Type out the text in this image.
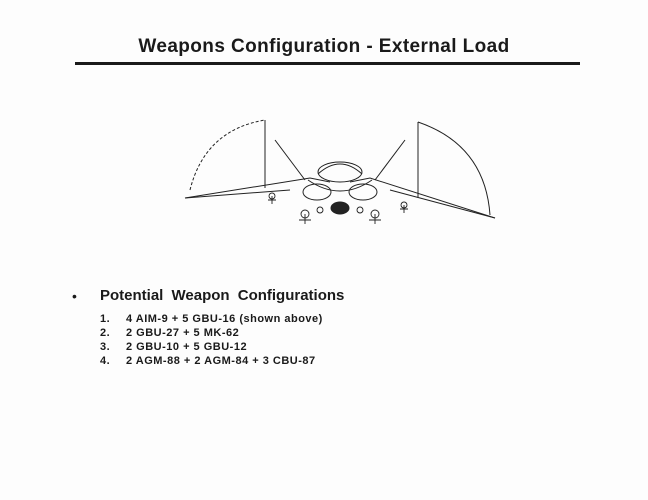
Weapons Configuration - External Load
• Potential Weapon Configurations
1.	4 AIM-9 + 5 GBU-16 (shown above)
2.	2 GBU-27 + 5 MK-62
3.	2 GBU-10 + 5 GBU-12
4.	2 AGM-88 + 2 AGM-84 + 3 CBU-87
